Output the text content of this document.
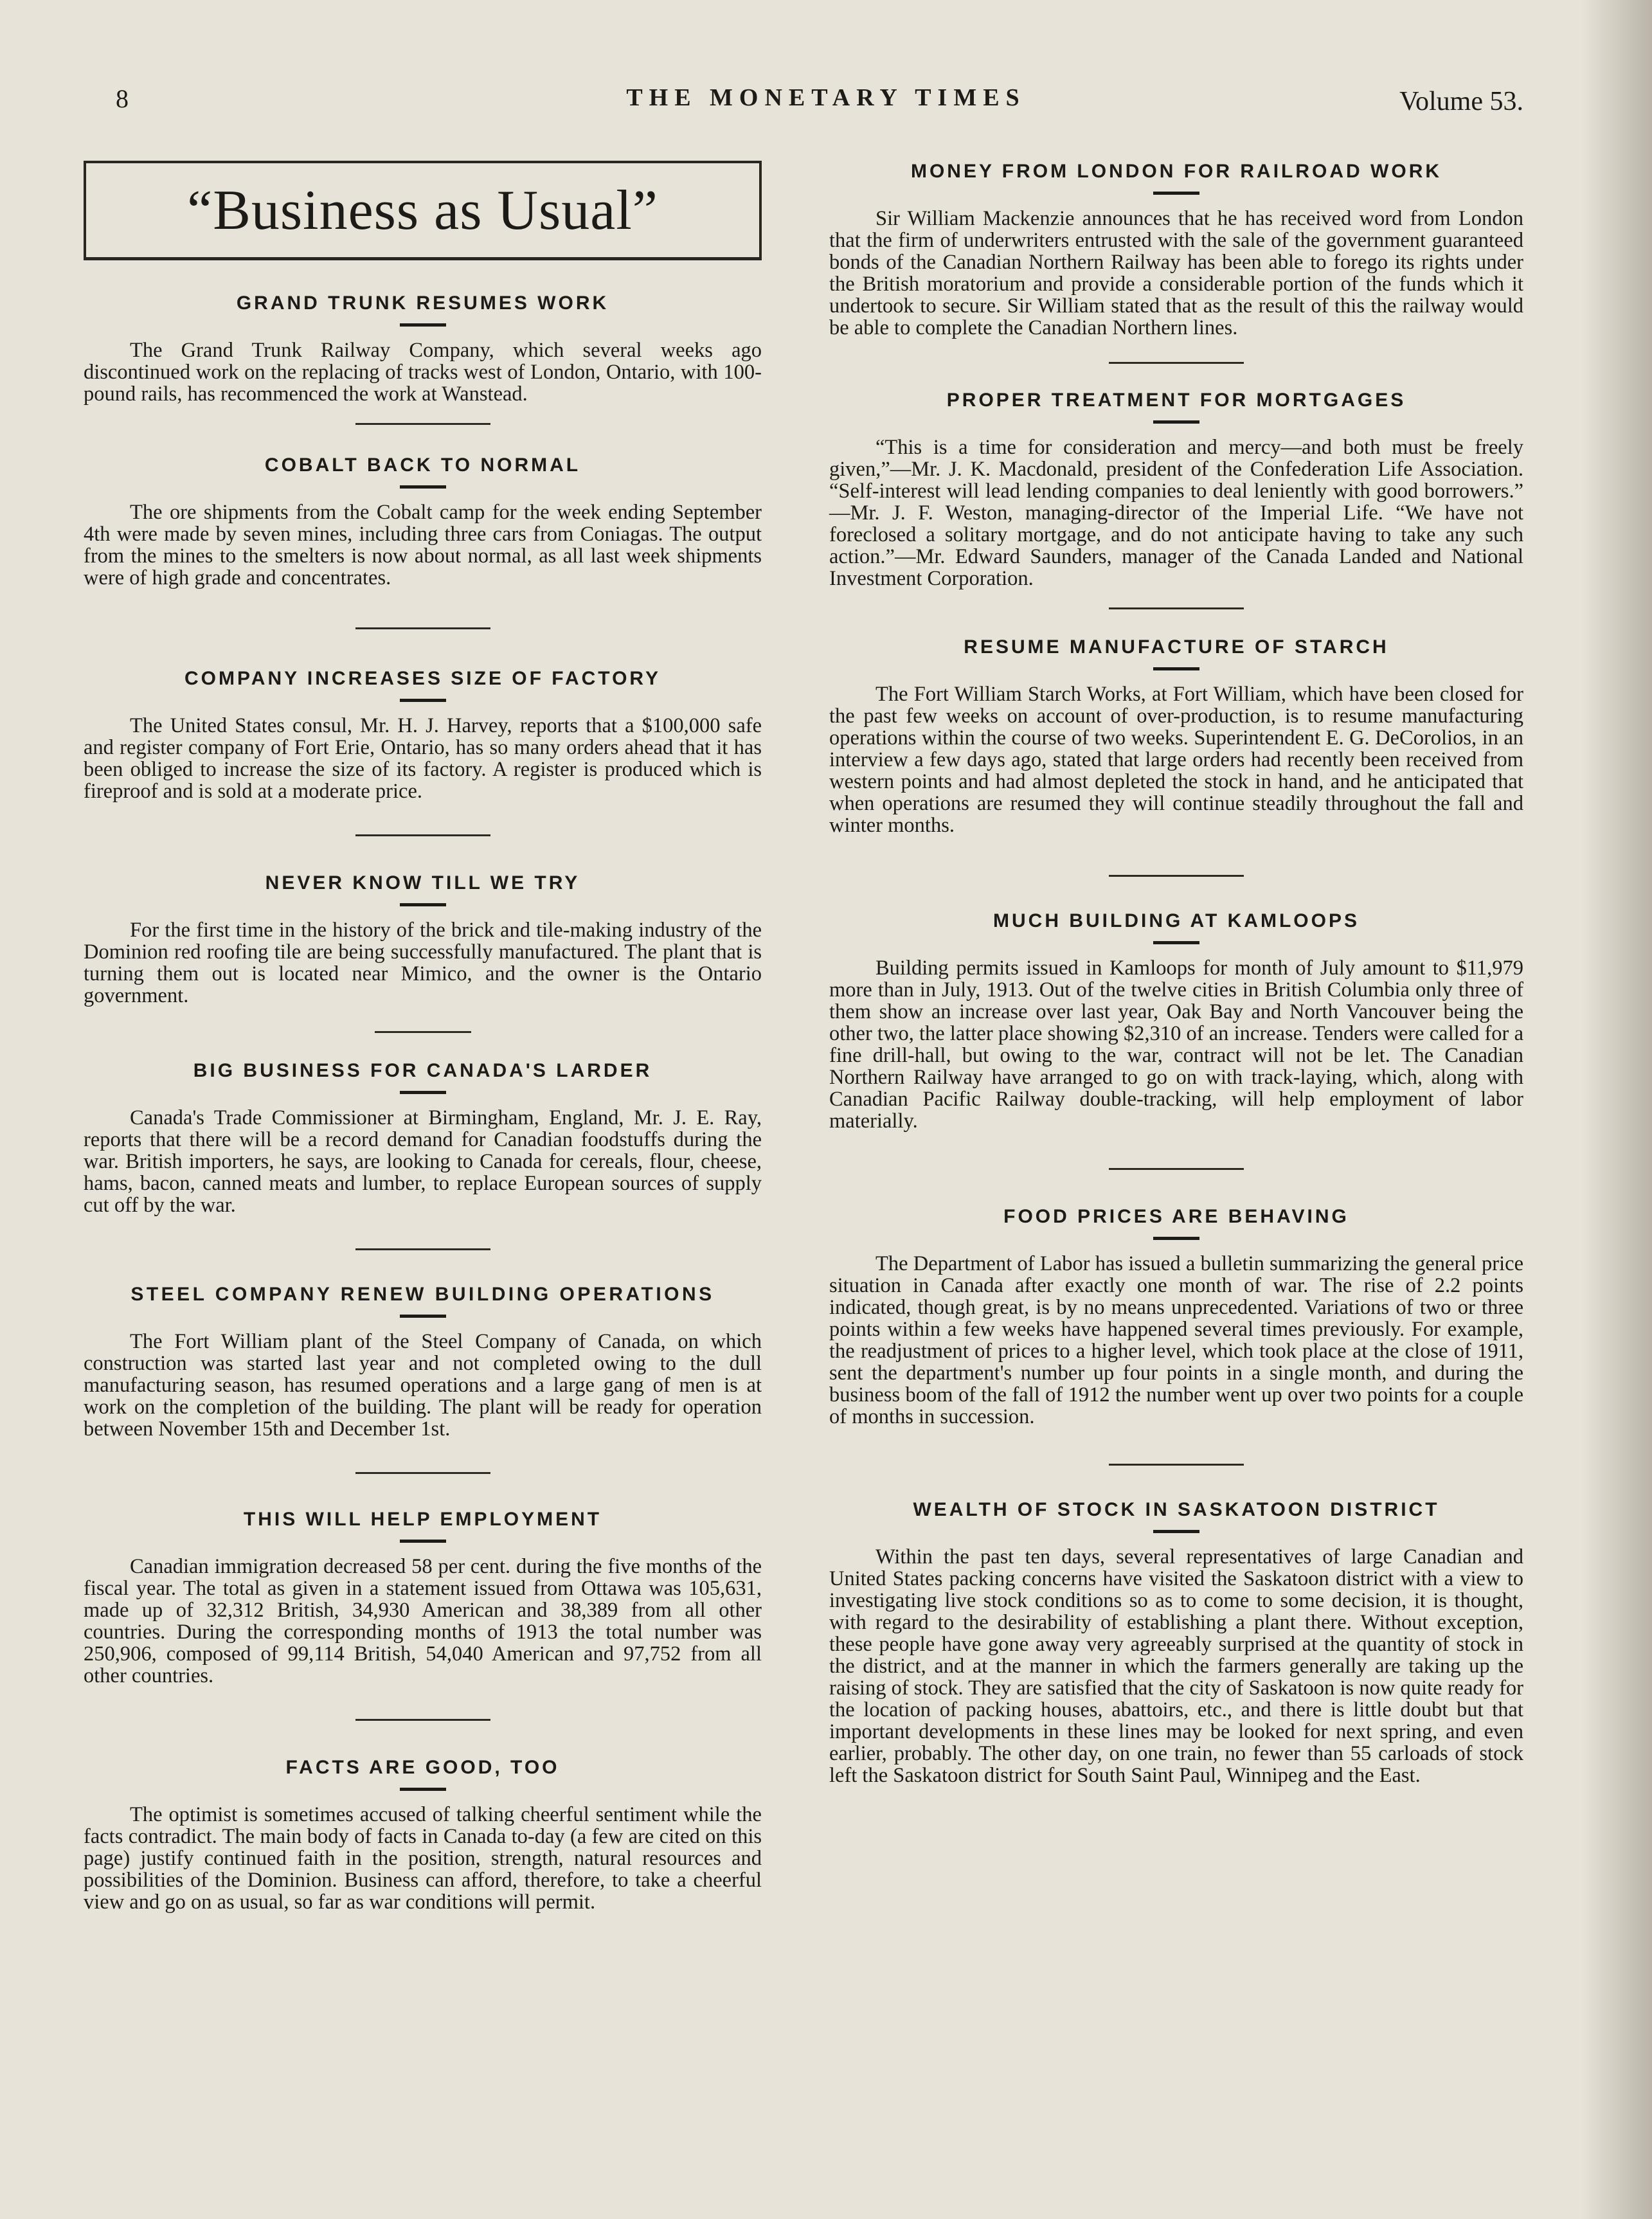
8	THE MONETARY TIMES	Volume 53.
“Business as Usual”
GRAND TRUNK RESUMES WORK

The Grand Trunk Railway Company, which several weeks ago discontinued work on the replacing of tracks west of London, Ontario, with 100-pound rails, has recommenced the work at Wanstead.

COBALT BACK TO NORMAL

The ore shipments from the Cobalt camp for the week ending September 4th were made by seven mines, including three cars from Coniagas. The output from the mines to the smelters is now about normal, as all last week shipments were of high grade and concentrates.

COMPANY INCREASES SIZE OF FACTORY

The United States consul, Mr. H. J. Harvey, reports that a $100,000 safe and register company of Fort Erie, Ontario, has so many orders ahead that it has been obliged to increase the size of its factory. A register is produced which is fireproof and is sold at a moderate price.

NEVER KNOW TILL WE TRY

For the first time in the history of the brick and tile-making industry of the Dominion red roofing tile are being successfully manufactured. The plant that is turning them out is located near Mimico, and the owner is the Ontario government.

BIG BUSINESS FOR CANADA'S LARDER

Canada's Trade Commissioner at Birmingham, England, Mr. J. E. Ray, reports that there will be a record demand for Canadian foodstuffs during the war. British importers, he says, are looking to Canada for cereals, flour, cheese, hams, bacon, canned meats and lumber, to replace European sources of supply cut off by the war.

STEEL COMPANY RENEW BUILDING OPERATIONS

The Fort William plant of the Steel Company of Canada, on which construction was started last year and not completed owing to the dull manufacturing season, has resumed operations and a large gang of men is at work on the completion of the building. The plant will be ready for operation between November 15th and December 1st.

THIS WILL HELP EMPLOYMENT

Canadian immigration decreased 58 per cent. during the five months of the fiscal year. The total as given in a statement issued from Ottawa was 105,631, made up of 32,312 British, 34,930 American and 38,389 from all other countries. During the corresponding months of 1913 the total number was 250,906, composed of 99,114 British, 54,040 American and 97,752 from all other countries.

FACTS ARE GOOD, TOO

The optimist is sometimes accused of talking cheerful sentiment while the facts contradict. The main body of facts in Canada to-day (a few are cited on this page) justify continued faith in the position, strength, natural resources and possibilities of the Dominion. Business can afford, therefore, to take a cheerful view and go on as usual, so far as war conditions will permit.

MONEY FROM LONDON FOR RAILROAD WORK

Sir William Mackenzie announces that he has received word from London that the firm of underwriters entrusted with the sale of the government guaranteed bonds of the Canadian Northern Railway has been able to forego its rights under the British moratorium and provide a considerable portion of the funds which it undertook to secure. Sir William stated that as the result of this the railway would be able to complete the Canadian Northern lines.

PROPER TREATMENT FOR MORTGAGES

“This is a time for consideration and mercy—and both must be freely given,”—Mr. J. K. Macdonald, president of the Confederation Life Association. “Self-interest will lead lending companies to deal leniently with good borrowers.” —Mr. J. F. Weston, managing-director of the Imperial Life. “We have not foreclosed a solitary mortgage, and do not anticipate having to take any such action.”—Mr. Edward Saunders, manager of the Canada Landed and National Investment Corporation.

RESUME MANUFACTURE OF STARCH

The Fort William Starch Works, at Fort William, which have been closed for the past few weeks on account of over-production, is to resume manufacturing operations within the course of two weeks. Superintendent E. G. DeCorolios, in an interview a few days ago, stated that large orders had recently been received from western points and had almost depleted the stock in hand, and he anticipated that when operations are resumed they will continue steadily throughout the fall and winter months.

MUCH BUILDING AT KAMLOOPS

Building permits issued in Kamloops for month of July amount to $11,979 more than in July, 1913. Out of the twelve cities in British Columbia only three of them show an increase over last year, Oak Bay and North Vancouver being the other two, the latter place showing $2,310 of an increase. Tenders were called for a fine drill-hall, but owing to the war, contract will not be let. The Canadian Northern Railway have arranged to go on with track-laying, which, along with Canadian Pacific Railway double-tracking, will help employment of labor materially.

FOOD PRICES ARE BEHAVING

The Department of Labor has issued a bulletin summarizing the general price situation in Canada after exactly one month of war. The rise of 2.2 points indicated, though great, is by no means unprecedented. Variations of two or three points within a few weeks have happened several times previously. For example, the readjustment of prices to a higher level, which took place at the close of 1911, sent the department's number up four points in a single month, and during the business boom of the fall of 1912 the number went up over two points for a couple of months in succession.

WEALTH OF STOCK IN SASKATOON DISTRICT

Within the past ten days, several representatives of large Canadian and United States packing concerns have visited the Saskatoon district with a view to investigating live stock conditions so as to come to some decision, it is thought, with regard to the desirability of establishing a plant there. Without exception, these people have gone away very agreeably surprised at the quantity of stock in the district, and at the manner in which the farmers generally are taking up the raising of stock. They are satisfied that the city of Saskatoon is now quite ready for the location of packing houses, abattoirs, etc., and there is little doubt but that important developments in these lines may be looked for next spring, and even earlier, probably. The other day, on one train, no fewer than 55 carloads of stock left the Saskatoon district for South Saint Paul, Winnipeg and the East.
